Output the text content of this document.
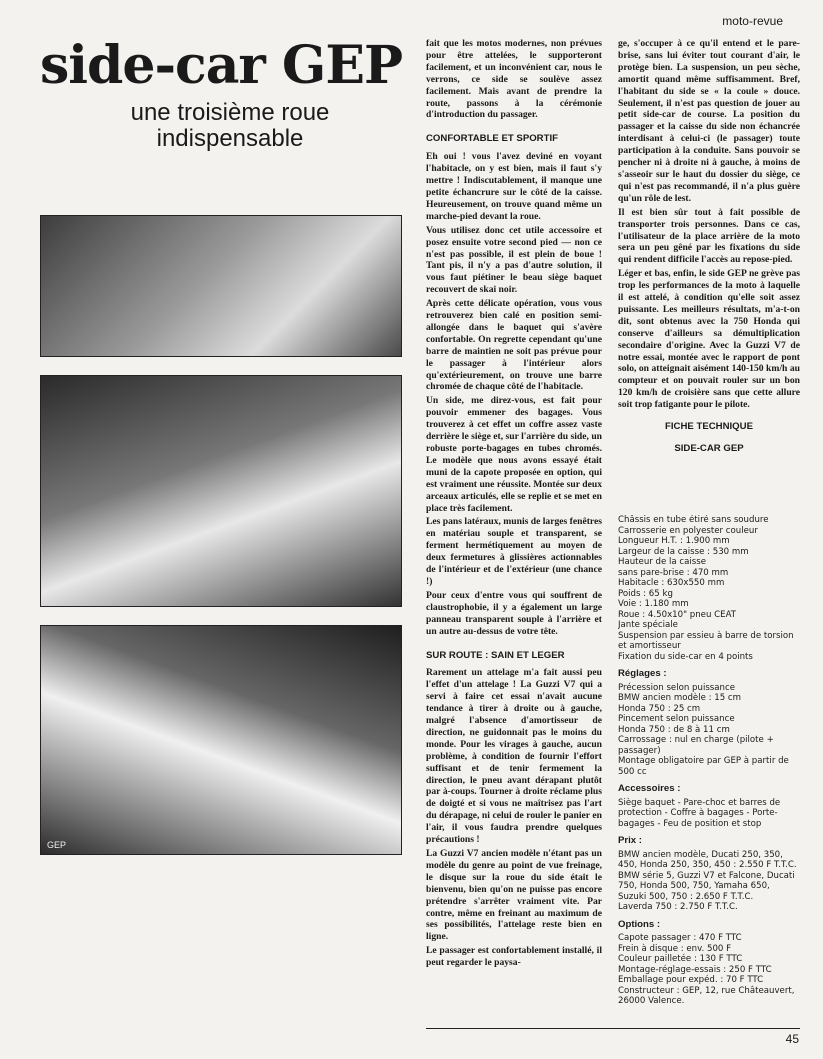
moto-revue
side-car GEP
une troisième roue indispensable
GEP

fait que les motos modernes, non prévues pour être attelées, le supporteront facilement, et un inconvénient car, nous le verrons, ce side se soulève assez facilement. Mais avant de prendre la route, passons à la cérémonie d'introduction du passager.

CONFORTABLE ET SPORTIF

Eh oui ! vous l'avez deviné en voyant l'habitacle, on y est bien, mais il faut s'y mettre ! Indiscutablement, il manque une petite échancrure sur le côté de la caisse. Heureusement, on trouve quand même un marche-pied devant la roue.

Vous utilisez donc cet utile accessoire et posez ensuite votre second pied — non ce n'est pas possible, il est plein de boue ! Tant pis, il n'y a pas d'autre solution, il vous faut piétiner le beau siège baquet recouvert de skai noir.

Après cette délicate opération, vous vous retrouverez bien calé en position semi-allongée dans le baquet qui s'avère confortable. On regrette cependant qu'une barre de maintien ne soit pas prévue pour le passager à l'intérieur alors qu'extérieurement, on trouve une barre chromée de chaque côté de l'habitacle.

Un side, me direz-vous, est fait pour pouvoir emmener des bagages. Vous trouverez à cet effet un coffre assez vaste derrière le siège et, sur l'arrière du side, un robuste porte-bagages en tubes chromés. Le modèle que nous avons essayé était muni de la capote proposée en option, qui est vraiment une réussite. Montée sur deux arceaux articulés, elle se replie et se met en place très facilement.

Les pans latéraux, munis de larges fenêtres en matériau souple et transparent, se ferment hermétiquement au moyen de deux fermetures à glissières actionnables de l'intérieur et de l'extérieur (une chance !)

Pour ceux d'entre vous qui souffrent de claustrophobie, il y a également un large panneau transparent souple à l'arrière et un autre au-dessus de votre tête.

SUR ROUTE : SAIN ET LEGER

Rarement un attelage m'a fait aussi peu l'effet d'un attelage ! La Guzzi V7 qui a servi à faire cet essai n'avait aucune tendance à tirer à droite ou à gauche, malgré l'absence d'amortisseur de direction, ne guidonnait pas le moins du monde. Pour les virages à gauche, aucun problème, à condition de fournir l'effort suffisant et de tenir fermement la direction, le pneu avant dérapant plutôt par à-coups. Tourner à droite réclame plus de doigté et si vous ne maîtrisez pas l'art du dérapage, ni celui de rouler le panier en l'air, il vous faudra prendre quelques précautions !

La Guzzi V7 ancien modèle n'étant pas un modèle du genre au point de vue freinage, le disque sur la roue du side était le bienvenu, bien qu'on ne puisse pas encore prétendre s'arrêter vraiment vite. Par contre, même en freinant au maximum de ses possibilités, l'attelage reste bien en ligne.

Le passager est confortablement installé, il peut regarder le paysa-

ge, s'occuper à ce qu'il entend et le pare-brise, sans lui éviter tout courant d'air, le protège bien. La suspension, un peu sèche, amortit quand même suffisamment. Bref, l'habitant du side se « la coule » douce. Seulement, il n'est pas question de jouer au petit side-car de course. La position du passager et la caisse du side non échancrée interdisant à celui-ci (le passager) toute participation à la conduite. Sans pouvoir se pencher ni à droite ni à gauche, à moins de s'asseoir sur le haut du dossier du siège, ce qui n'est pas recommandé, il n'a plus guère qu'un rôle de lest.

Il est bien sûr tout à fait possible de transporter trois personnes. Dans ce cas, l'utilisateur de la place arrière de la moto sera un peu gêné par les fixations du side qui rendent difficile l'accès au repose-pied.

Léger et bas, enfin, le side GEP ne grève pas trop les performances de la moto à laquelle il est attelé, à condition qu'elle soit assez puissante. Les meilleurs résultats, m'a-t-on dit, sont obtenus avec la 750 Honda qui conserve d'ailleurs sa démultiplication secondaire d'origine. Avec la Guzzi V7 de notre essai, montée avec le rapport de pont solo, on atteignait aisément 140-150 km/h au compteur et on pouvait rouler sur un bon 120 km/h de croisière sans que cette allure soit trop fatigante pour le pilote.

FICHE TECHNIQUE
SIDE-CAR GEP

Châssis en tube étiré sans soudure

Carrosserie en polyester couleur

Longueur H.T. : 1.900 mm

Largeur de la caisse : 530 mm

Hauteur de la caisse

sans pare-brise : 470 mm

Habitacle : 630x550 mm

Poids : 65 kg

Voie : 1.180 mm

Roue : 4.50x10" pneu CEAT

Jante spéciale

Suspension par essieu à barre de torsion et amortisseur

Fixation du side-car en 4 points

Réglages :

Précession selon puissance

BMW ancien modèle : 15 cm

Honda 750 : 25 cm

Pincement selon puissance

Honda 750 : de 8 à 11 cm

Carrossage : nul en charge (pilote + passager)

Montage obligatoire par GEP à partir de 500 cc

Accessoires :

Siège baquet - Pare-choc et barres de protection - Coffre à bagages - Porte-bagages - Feu de position et stop

Prix :

BMW ancien modèle, Ducati 250, 350, 450, Honda 250, 350, 450 : 2.550 F T.T.C.

BMW série 5, Guzzi V7 et Falcone, Ducati 750, Honda 500, 750, Yamaha 650, Suzuki 500, 750 : 2.650 F T.T.C.

Laverda 750 : 2.750 F T.T.C.

Options :

Capote passager : 470 F TTC

Frein à disque : env. 500 F

Couleur pailletée : 130 F TTC

Montage-réglage-essais : 250 F TTC

Emballage pour expéd. : 70 F TTC

Constructeur : GEP, 12, rue Châteauvert, 26000 Valence.

45
